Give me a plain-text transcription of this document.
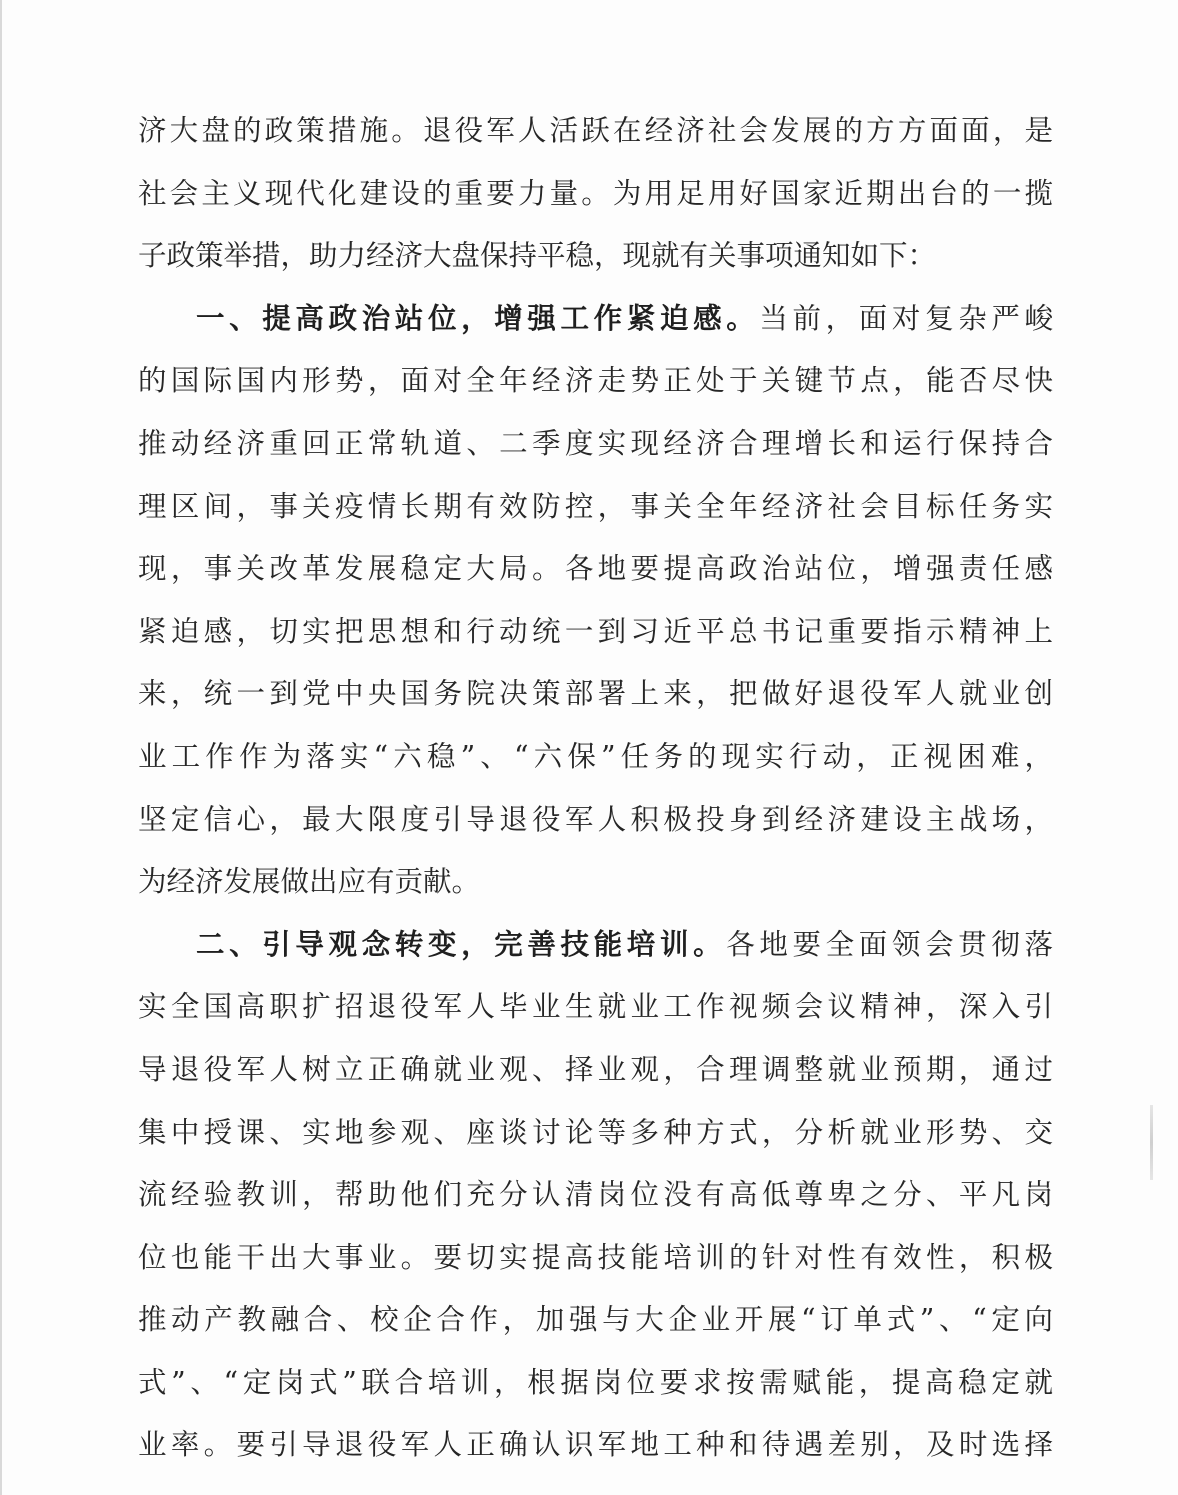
济大盘的政策措施。退役军人活跃在经济社会发展的方方面面，是
社会主义现代化建设的重要力量。为用足用好国家近期出台的一揽
子政策举措，助力经济大盘保持平稳，现就有关事项通知如下：
一、提高政治站位，增强工作紧迫感。当前，面对复杂严峻
的国际国内形势，面对全年经济走势正处于关键节点，能否尽快
推动经济重回正常轨道、二季度实现经济合理增长和运行保持合
理区间，事关疫情长期有效防控，事关全年经济社会目标任务实
现，事关改革发展稳定大局。各地要提高政治站位，增强责任感
紧迫感，切实把思想和行动统一到习近平总书记重要指示精神上
来，统一到党中央国务院决策部署上来，把做好退役军人就业创
业工作作为落实“六稳”、“六保”任务的现实行动，正视困难，
坚定信心，最大限度引导退役军人积极投身到经济建设主战场，
为经济发展做出应有贡献。
二、引导观念转变，完善技能培训。各地要全面领会贯彻落
实全国高职扩招退役军人毕业生就业工作视频会议精神，深入引
导退役军人树立正确就业观、择业观，合理调整就业预期，通过
集中授课、实地参观、座谈讨论等多种方式，分析就业形势、交
流经验教训，帮助他们充分认清岗位没有高低尊卑之分、平凡岗
位也能干出大事业。要切实提高技能培训的针对性有效性，积极
推动产教融合、校企合作，加强与大企业开展“订单式”、“定向
式”、“定岗式”联合培训，根据岗位要求按需赋能，提高稳定就
业率。要引导退役军人正确认识军地工种和待遇差别，及时选择
